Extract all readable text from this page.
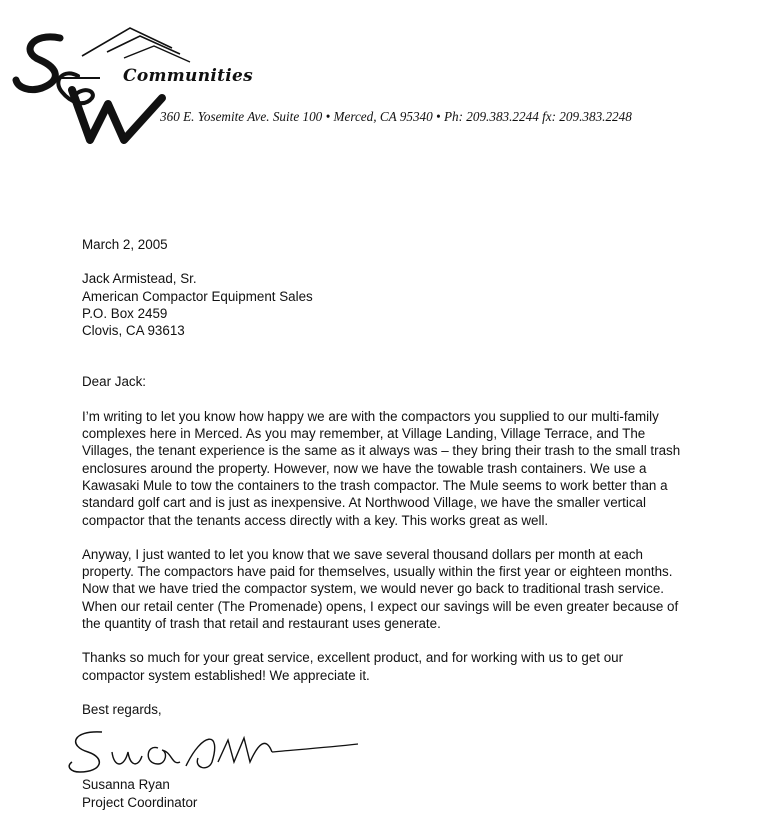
Communities
360 E. Yosemite Ave. Suite 100 • Merced, CA 95340 • Ph: 209.383.2244 fx: 209.383.2248

March 2, 2005

Jack Armistead, Sr.
American Compactor Equipment Sales
P.O. Box 2459
Clovis, CA 93613

Dear Jack:

I’m writing to let you know how happy we are with the compactors you supplied to our multi-family complexes here in Merced. As you may remember, at Village Landing, Village Terrace, and The Villages, the tenant experience is the same as it always was – they bring their trash to the small trash enclosures around the property. However, now we have the towable trash containers. We use a Kawasaki Mule to tow the containers to the trash compactor. The Mule seems to work better than a standard golf cart and is just as inexpensive. At Northwood Village, we have the smaller vertical compactor that the tenants access directly with a key. This works great as well.

Anyway, I just wanted to let you know that we save several thousand dollars per month at each property. The compactors have paid for themselves, usually within the first year or eighteen months. Now that we have tried the compactor system, we would never go back to traditional trash service. When our retail center (The Promenade) opens, I expect our savings will be even greater because of the quantity of trash that retail and restaurant uses generate.

Thanks so much for your great service, excellent product, and for working with us to get our compactor system established! We appreciate it.

Best regards,
Susanna Ryan
Project Coordinator
